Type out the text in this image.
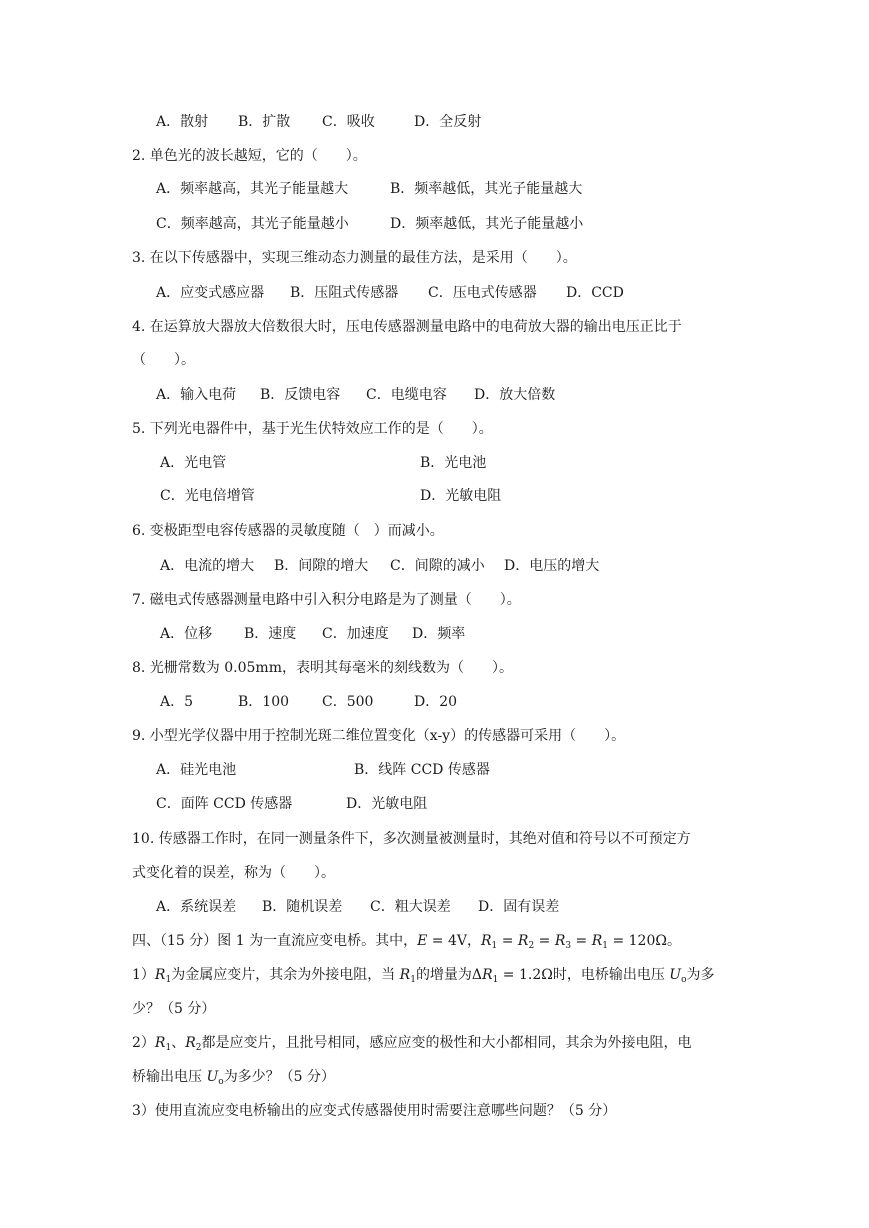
A．散射 B．扩散 C．吸收	D．全反射
2. 单色光的波长越短，它的（　　）。
A．频率越高，其光子能量越大	B．频率越低，其光子能量越大
C．频率越高，其光子能量越小	D．频率越低，其光子能量越小
3. 在以下传感器中，实现三维动态力测量的最佳方法，是采用（　　）。
A．应变式感应器 B．压阻式传感器 C．压电式传感器 D．CCD
4. 在运算放大器放大倍数很大时，压电传感器测量电路中的电荷放大器的输出电压正比于
（　　）。
A．输入电荷 B．反馈电容 C．电缆电容 D．放大倍数
5. 下列光电器件中，基于光生伏特效应工作的是（　　）。
A．光电管	B．光电池
C．光电倍增管	D．光敏电阻
6. 变极距型电容传感器的灵敏度随（　）而减小。
A．电流的增大 B．间隙的增大 C．间隙的减小 D．电压的增大
7. 磁电式传感器测量电路中引入积分电路是为了测量（　　）。
A．位移 B．速度 C．加速度 D．频率
8. 光栅常数为 0.05mm，表明其每毫米的刻线数为（　　）。
A．5	B．100 C．500	D．20
9. 小型光学仪器中用于控制光斑二维位置变化（x-y）的传感器可采用（　　）。
A．硅光电池	B．线阵 CCD 传感器
C．面阵 CCD 传感器	D．光敏电阻
10. 传感器工作时，在同一测量条件下，多次测量被测量时，其绝对值和符号以不可预定方
式变化着的误差，称为（　　）。
A．系统误差 B．随机误差 C．粗大误差 D．固有误差
四、（15 分）图 1 为一直流应变电桥。其中，E = 4V，$R_1 = R_2 = R_3 = R_1 = 120\Omega$。
$1)R_1$为金属应变片，其余为外接电阻，当 $R_1$的增量为$\Delta R_1 = 1.2\Omega$时，电桥输出电压 $U_o$为多
少？（5 分）
$2)R_1$、$R_2$都是应变片，且批号相同，感应应变的极性和大小都相同，其余为外接电阻，电
桥输出电压 $U_o$为多少？（5 分）
3）使用直流应变电桥输出的应变式传感器使用时需要注意哪些问题？（5 分）
